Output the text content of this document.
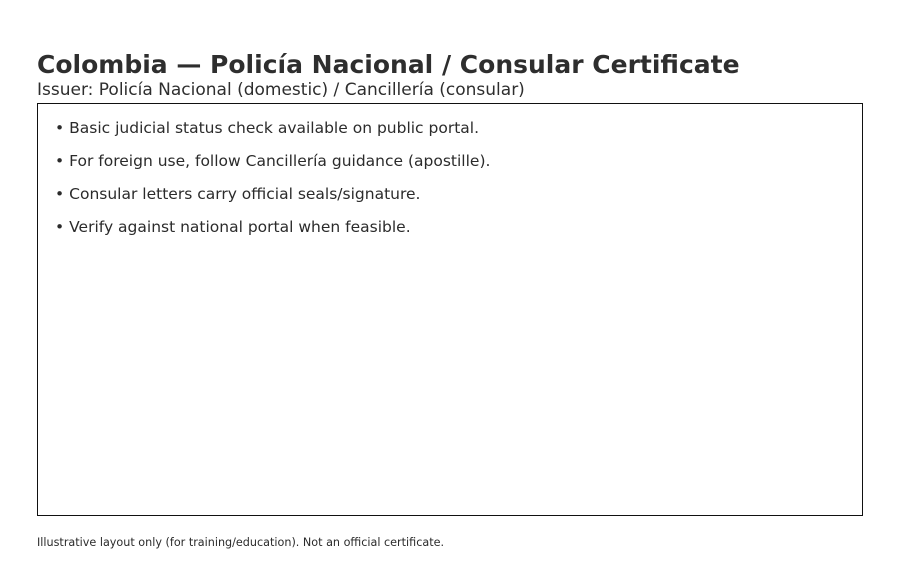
Colombia — Policía Nacional / Consular Certificate
Issuer: Policía Nacional (domestic) / Cancillería (consular)
• Basic judicial status check available on public portal.
• For foreign use, follow Cancillería guidance (apostille).
• Consular letters carry official seals/signature.
• Verify against national portal when feasible.
Illustrative layout only (for training/education). Not an official certificate.
